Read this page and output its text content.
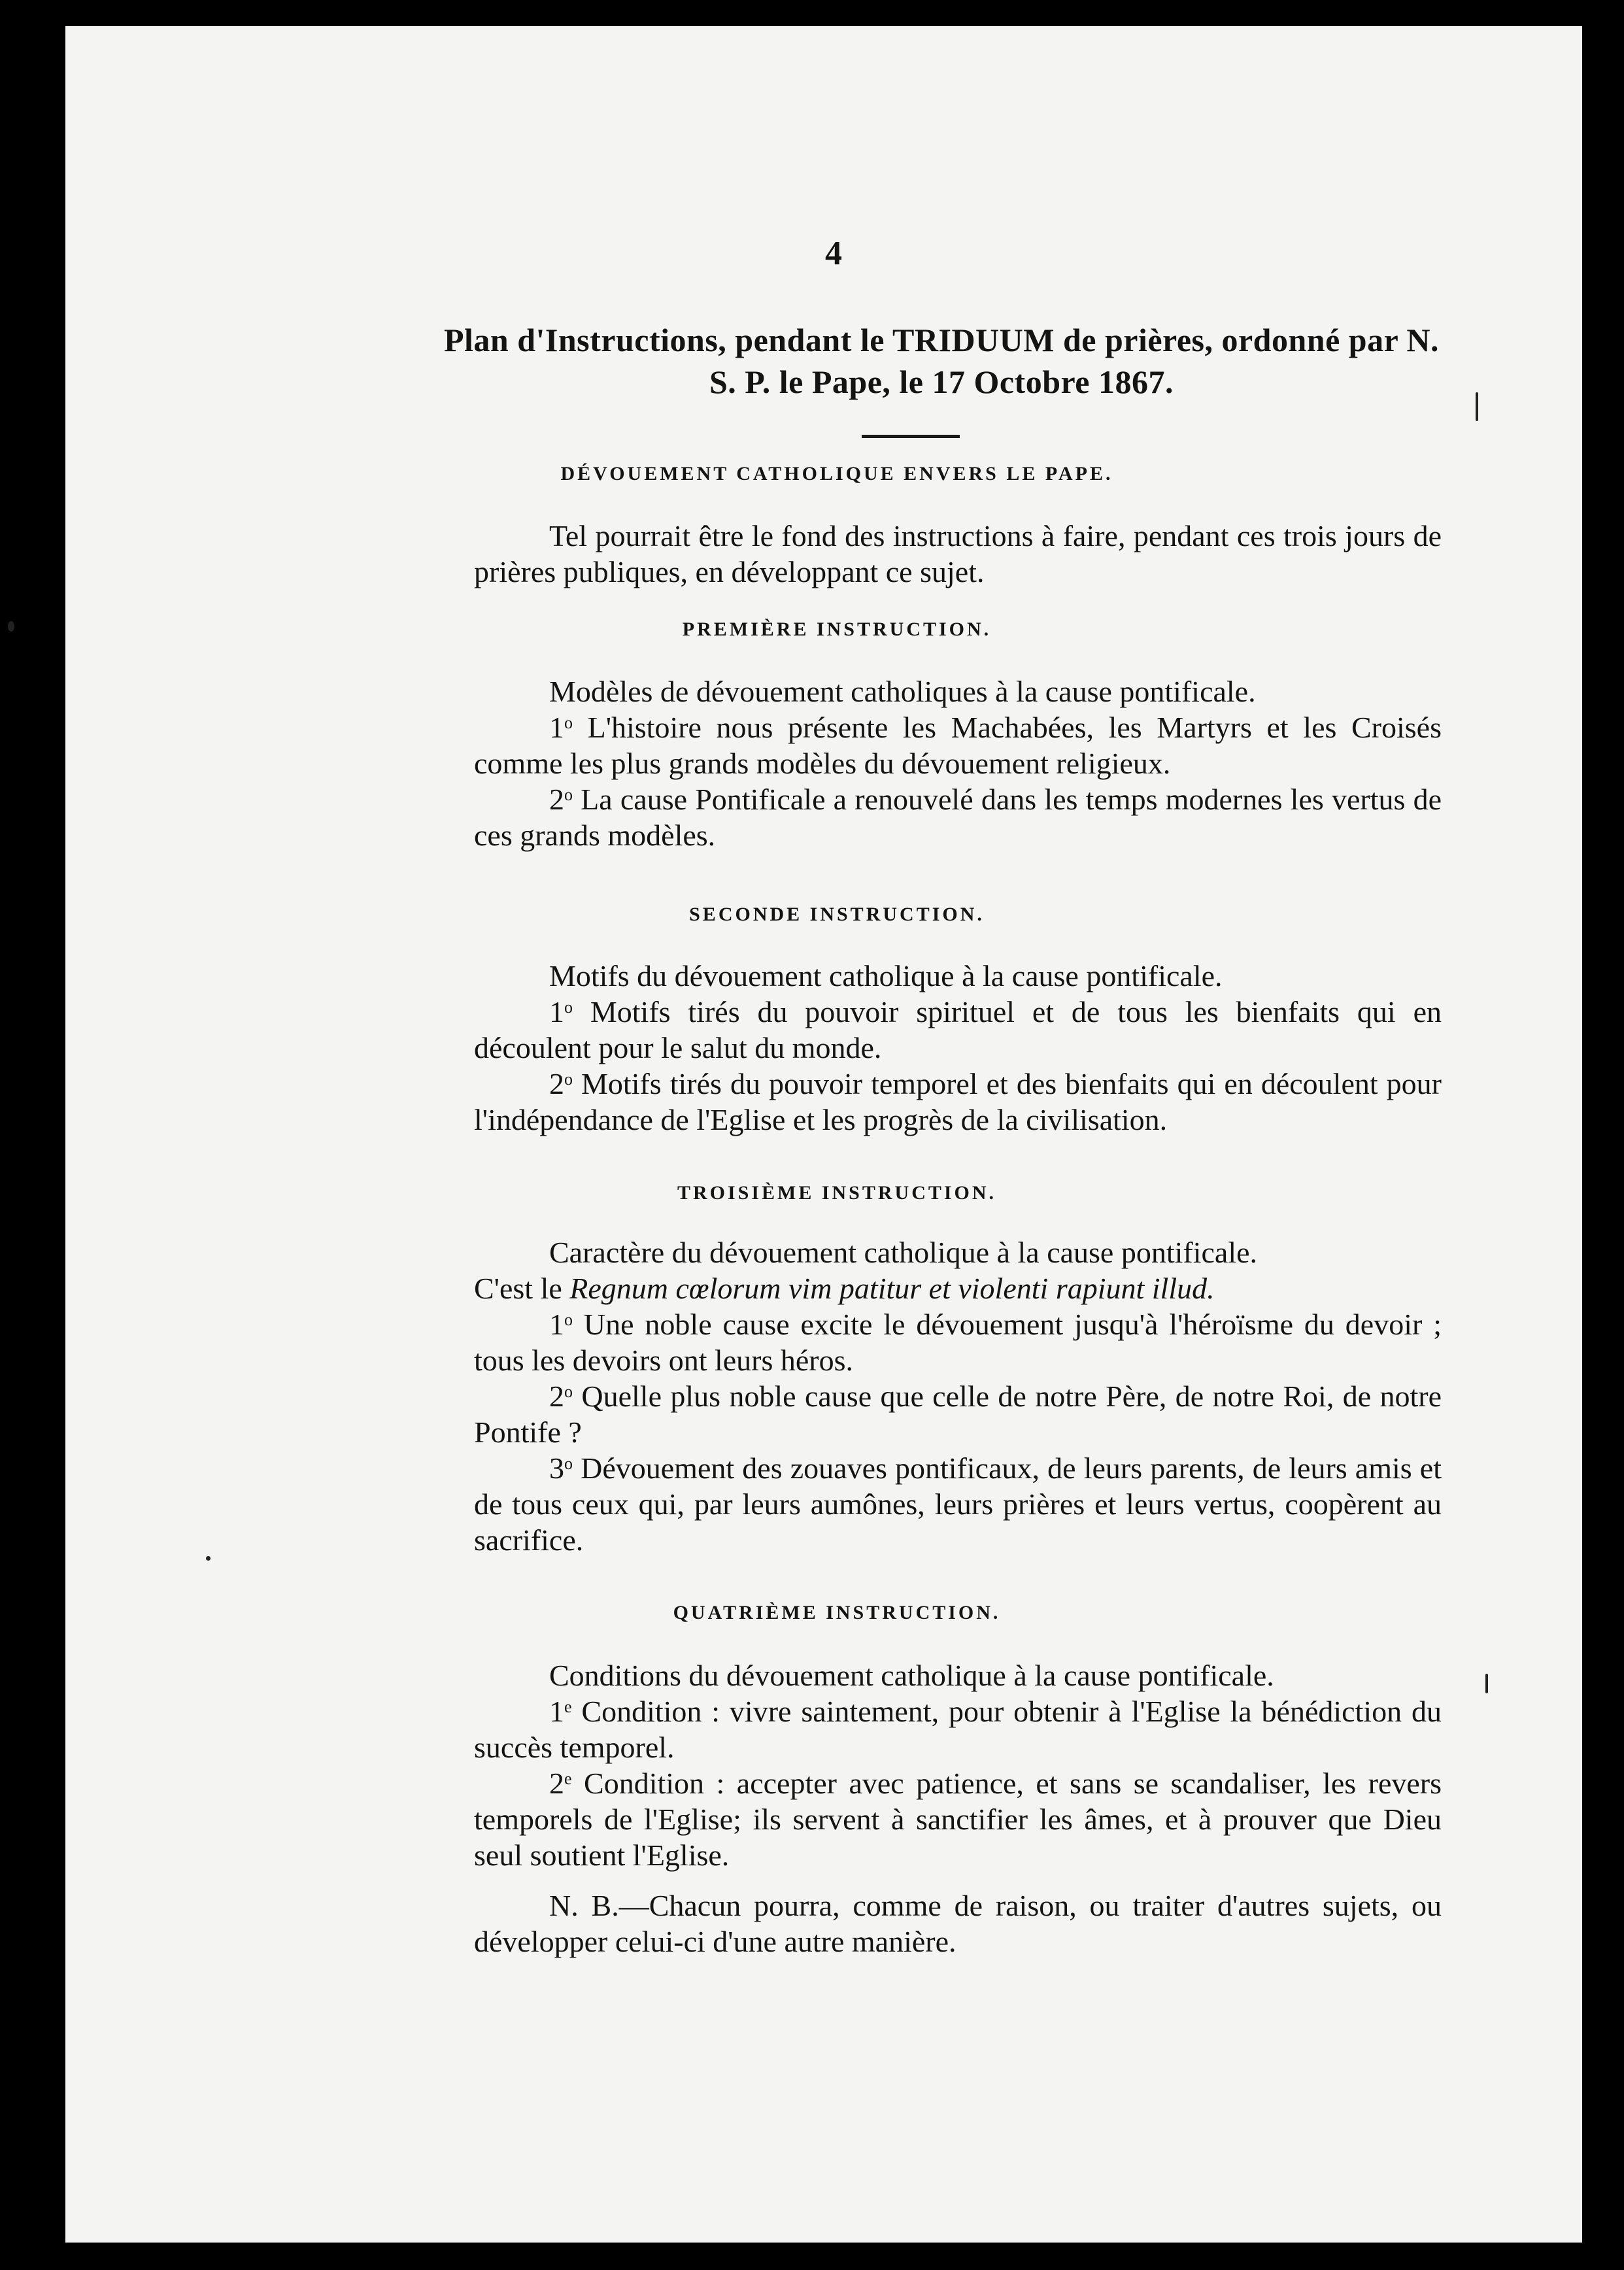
4
Plan d'Instructions, pendant le TRIDUUM de prières, ordonné par N. S. P. le Pape, le 17 Octobre 1867.
DÉVOUEMENT CATHOLIQUE ENVERS LE PAPE.

Tel pourrait être le fond des instructions à faire, pendant ces trois jours de prières publiques, en développant ce sujet.

PREMIÈRE INSTRUCTION.

Modèles de dévouement catholiques à la cause pontificale.

1$^o$ L'histoire nous présente les Machabées, les Martyrs et les Croisés comme les plus grands modèles du dévouement religieux.

2$^o$ La cause Pontificale a renouvelé dans les temps modernes les vertus de ces grands modèles.

SECONDE INSTRUCTION.

Motifs du dévouement catholique à la cause pontificale.

1$^o$ Motifs tirés du pouvoir spirituel et de tous les bienfaits qui en découlent pour le salut du monde.

2$^o$ Motifs tirés du pouvoir temporel et des bienfaits qui en découlent pour l'indépendance de l'Eglise et les progrès de la civilisation.

TROISIÈME INSTRUCTION.

Caractère du dévouement catholique à la cause pontificale.

C'est le Regnum cœlorum vim patitur et violenti rapiunt illud.

1$^o$ Une noble cause excite le dévouement jusqu'à l'héroïsme du devoir ; tous les devoirs ont leurs héros.

2$^o$ Quelle plus noble cause que celle de notre Père, de notre Roi, de notre Pontife ?

3$^o$ Dévouement des zouaves pontificaux, de leurs parents, de leurs amis et de tous ceux qui, par leurs aumônes, leurs prières et leurs vertus, coopèrent au sacrifice.

QUATRIÈME INSTRUCTION.

Conditions du dévouement catholique à la cause pontificale.

1e Condition : vivre saintement, pour obtenir à l'Eglise la bénédiction du succès temporel.

2e Condition : accepter avec patience, et sans se scandaliser, les revers temporels de l'Eglise; ils servent à sanctifier les âmes, et à prouver que Dieu seul soutient l'Eglise.

N. B.—Chacun pourra, comme de raison, ou traiter d'autres sujets, ou développer celui-ci d'une autre manière.
